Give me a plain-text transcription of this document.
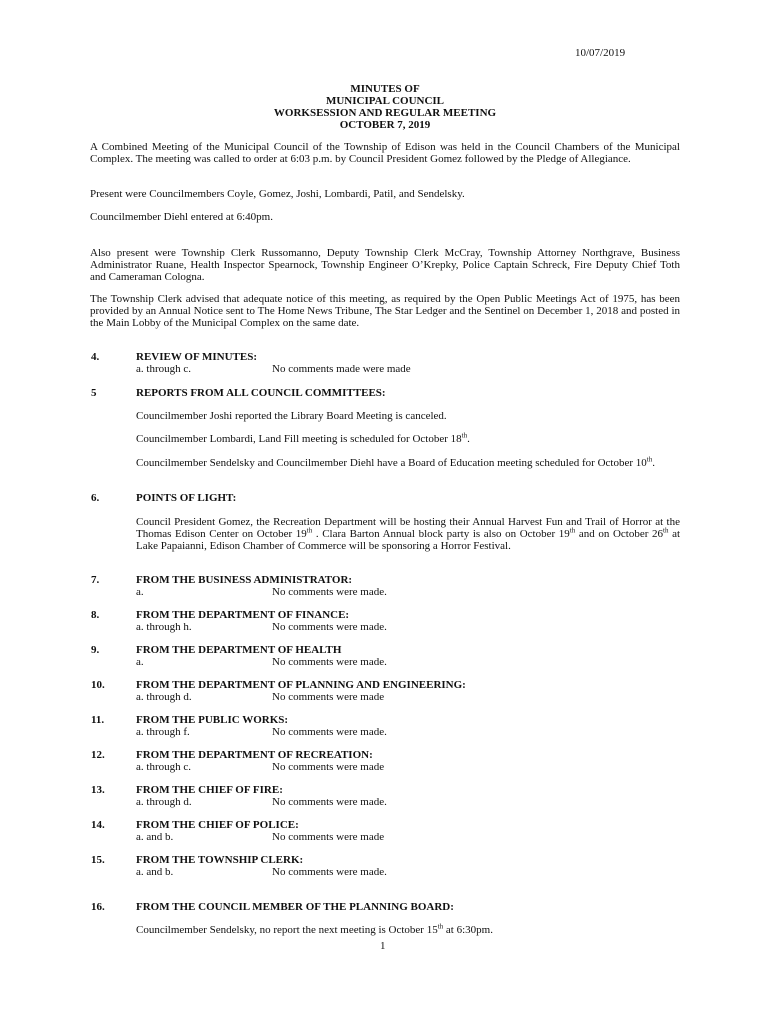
10/07/2019
MINUTES OF
MUNICIPAL COUNCIL
WORKSESSION AND REGULAR MEETING
OCTOBER 7, 2019
A Combined Meeting of the Municipal Council of the Township of Edison was held in the Council Chambers of the Municipal Complex. The meeting was called to order at 6:03 p.m. by Council President Gomez followed by the Pledge of Allegiance.
Present were Councilmembers Coyle, Gomez, Joshi, Lombardi, Patil, and Sendelsky.
Councilmember Diehl entered at 6:40pm.
Also present were Township Clerk Russomanno, Deputy Township Clerk McCray, Township Attorney Northgrave, Business Administrator Ruane, Health Inspector Spearnock, Township Engineer O’Krepky, Police Captain Schreck, Fire Deputy Chief Toth and Cameraman Cologna.
The Township Clerk advised that adequate notice of this meeting, as required by the Open Public Meetings Act of 1975, has been provided by an Annual Notice sent to The Home News Tribune, The Star Ledger and the Sentinel on December 1, 2018 and posted in the Main Lobby of the Municipal Complex on the same date.
4.	REVIEW OF MINUTES:
a. through c.	No comments made were made
5	REPORTS FROM ALL COUNCIL COMMITTEES:
Councilmember Joshi reported the Library Board Meeting is canceled.
Councilmember Lombardi, Land Fill meeting is scheduled for October 18th.
Councilmember Sendelsky and Councilmember Diehl have a Board of Education meeting scheduled for October 10th.
6.	POINTS OF LIGHT:
Council President Gomez, the Recreation Department will be hosting their Annual Harvest Fun and Trail of Horror at the Thomas Edison Center on October 19th . Clara Barton Annual block party is also on October 19th and on October 26th at Lake Papaianni, Edison Chamber of Commerce will be sponsoring a Horror Festival.
7.	FROM THE BUSINESS ADMINISTRATOR:
a.	No comments were made.
8.	FROM THE DEPARTMENT OF FINANCE:
a. through h.	No comments were made.
9.	FROM THE DEPARTMENT OF HEALTH
a.	No comments were made.
10.	FROM THE DEPARTMENT OF PLANNING AND ENGINEERING:
a. through d.	No comments were made
11.	FROM THE PUBLIC WORKS:
a. through f.	No comments were made.
12.	FROM THE DEPARTMENT OF RECREATION:
a. through c.	No comments were made
13.	FROM THE CHIEF OF FIRE:
a. through d.	No comments were made.
14.	FROM THE CHIEF OF POLICE:
a. and b.	No comments were made
15.	FROM THE TOWNSHIP CLERK:
a. and b.	No comments were made.
16.	FROM THE COUNCIL MEMBER OF THE PLANNING BOARD:
Councilmember Sendelsky, no report the next meeting is October 15th at 6:30pm.
1
